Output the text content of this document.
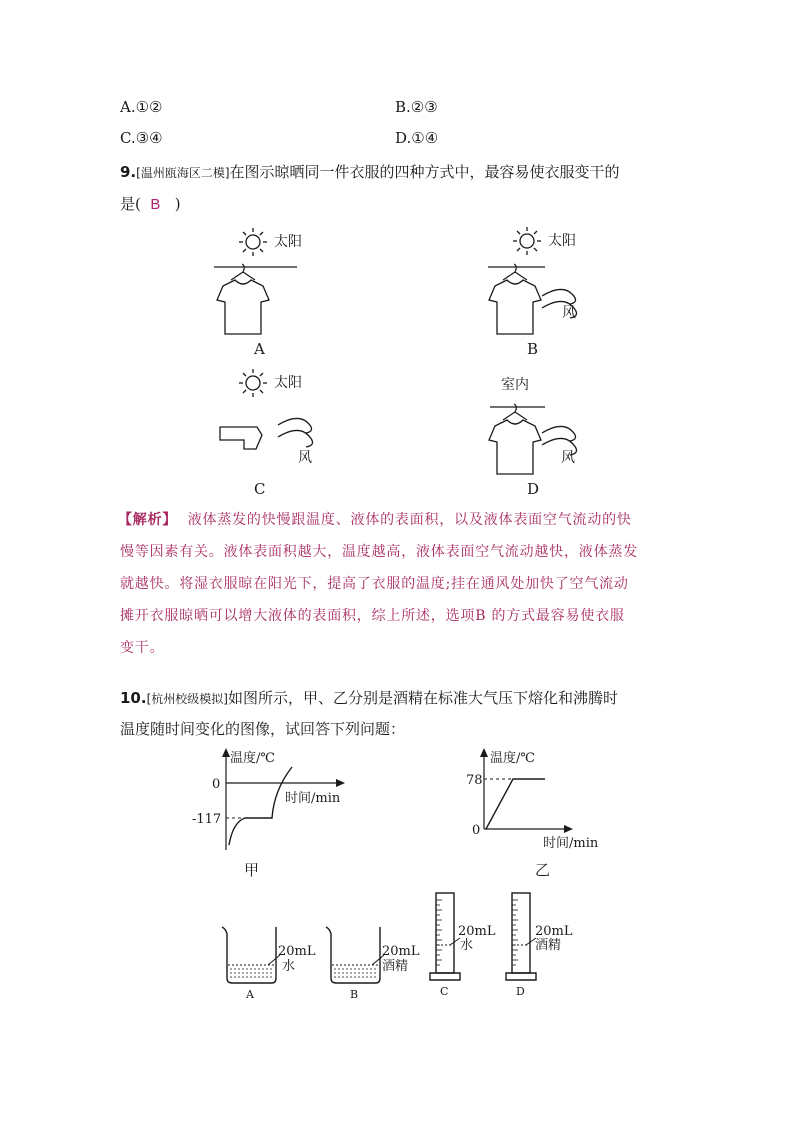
A.①②	B.②③
C.③④	D.①④
9.[温州瓯海区二模]在图示晾晒同一件衣服的四种方式中，最容易使衣服变干的
是( B )
温度/℃
0
-117
时间/min
甲
温度/℃
78
0
时间/min
乙
20mL
水
A
20mL
酒精
B
20mL
水
C
20mL
酒精
D
太阳	太阳
太阳	室内
风
风	风
A	B
C	D
【解析】 液体蒸发的快慢跟温度、液体的表面积，以及液体表面空气流动的快
慢等因素有关。液体表面积越大，温度越高，液体表面空气流动越快，液体蒸发
就越快。将湿衣服晾在阳光下，提高了衣服的温度;挂在通风处加快了空气流动
摊开衣服晾晒可以增大液体的表面积，综上所述，选项B 的方式最容易使衣服
变干。
10.[杭州校级模拟]如图所示，甲、乙分别是酒精在标准大气压下熔化和沸腾时
温度随时间变化的图像，试回答下列问题：
